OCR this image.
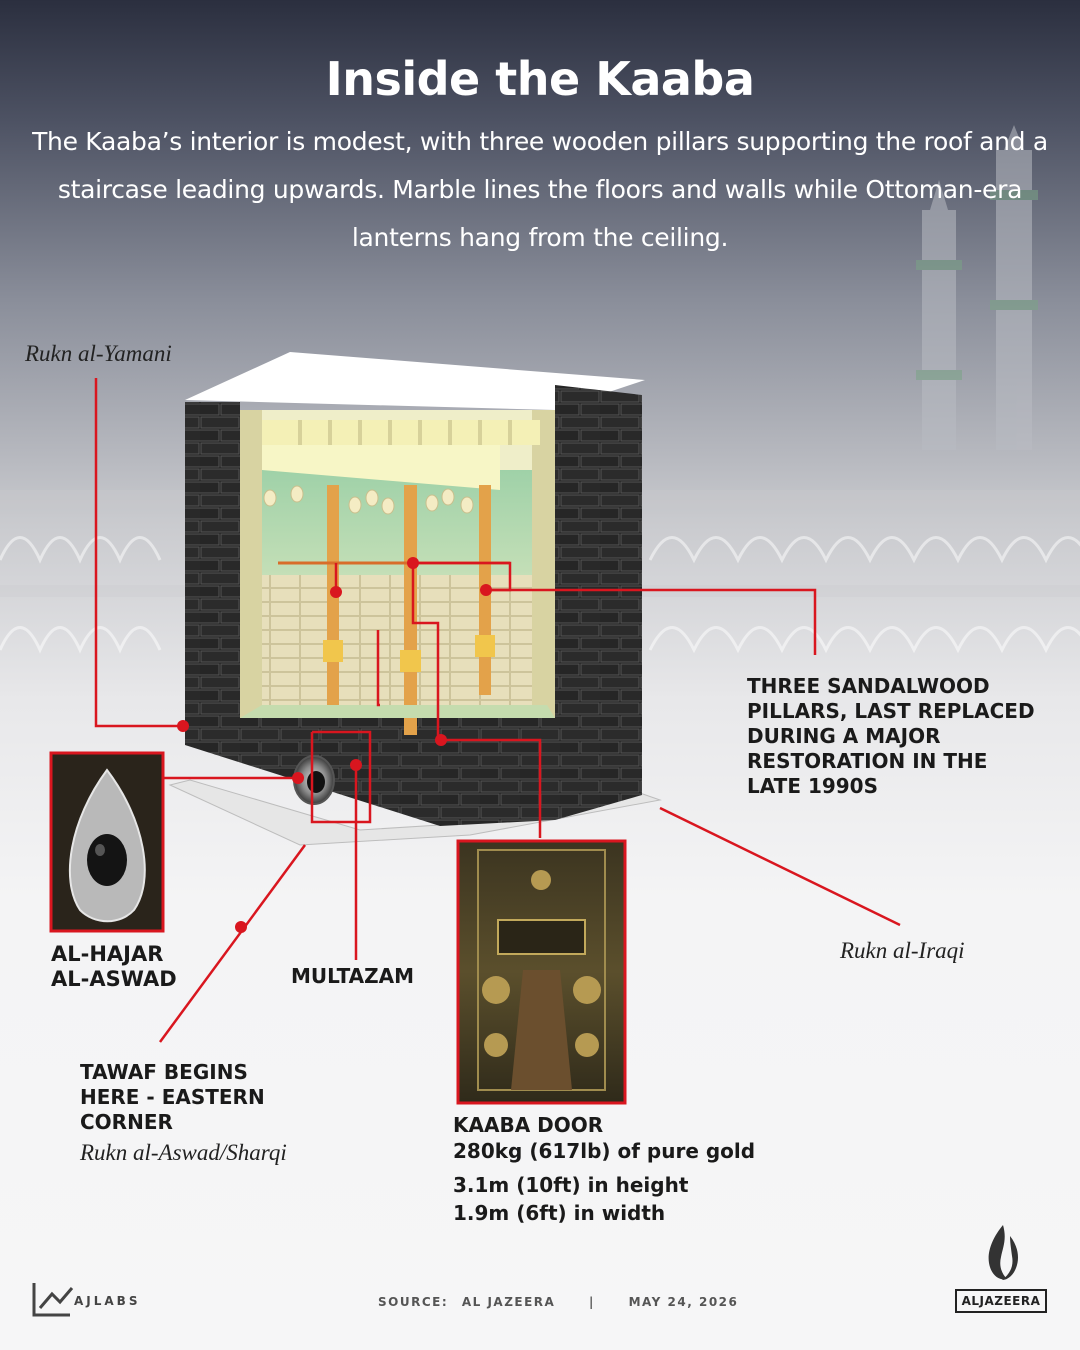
Inside the Kaaba

The Kaaba’s interior is modest, with three wooden pillars supporting the roof and a staircase leading upwards. Marble lines the floors and walls while Ottoman-era lanterns hang from the ceiling.

Rukn al-Yamani
Rukn al-Iraqi
Rukn al-Aswad/Sharqi
THREE SANDALWOOD
PILLARS, LAST REPLACED
DURING A MAJOR
RESTORATION IN THE
LATE 1990S
AL-HAJAR
AL-ASWAD	MULTAZAM
TAWAF BEGINS
HERE - EASTERN
CORNER	KAABA DOOR
280kg (617lb) of pure gold
3.1m (10ft) in height
1.9m (6ft) in width
AJLABS	SOURCE: AL JAZEERA	|	MAY 24, 2026	ALJAZEERA
